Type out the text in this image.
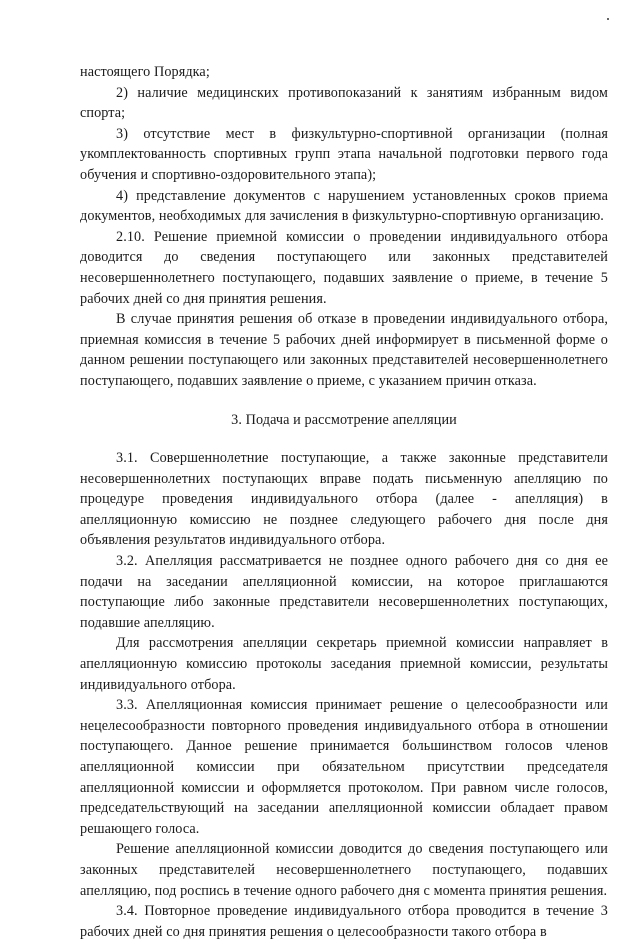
настоящего Порядка;

2) наличие медицинских противопоказаний к занятиям избранным видом спорта;

3) отсутствие мест в физкультурно-спортивной организации (полная укомплектованность спортивных групп этапа начальной подготовки первого года обучения и спортивно-оздоровительного этапа);

4) представление документов с нарушением установленных сроков приема документов, необходимых для зачисления в физкультурно-спортивную организацию.

2.10. Решение приемной комиссии о проведении индивидуального отбора доводится до сведения поступающего или законных представителей несовершеннолетнего поступающего, подавших заявление о приеме, в течение 5 рабочих дней со дня принятия решения.

В случае принятия решения об отказе в проведении индивидуального отбора, приемная комиссия в течение 5 рабочих дней информирует в письменной форме о данном решении поступающего или законных представителей несовершеннолетнего поступающего, подавших заявление о приеме, с указанием причин отказа.

3. Подача и рассмотрение апелляции

3.1. Совершеннолетние поступающие, а также законные представители несовершеннолетних поступающих вправе подать письменную апелляцию по процедуре проведения индивидуального отбора (далее - апелляция) в апелляционную комиссию не позднее следующего рабочего дня после дня объявления результатов индивидуального отбора.

3.2. Апелляция рассматривается не позднее одного рабочего дня со дня ее подачи на заседании апелляционной комиссии, на которое приглашаются поступающие либо законные представители несовершеннолетних поступающих, подавшие апелляцию.

Для рассмотрения апелляции секретарь приемной комиссии направляет в апелляционную комиссию протоколы заседания приемной комиссии, результаты индивидуального отбора.

3.3. Апелляционная комиссия принимает решение о целесообразности или нецелесообразности повторного проведения индивидуального отбора в отношении поступающего. Данное решение принимается большинством голосов членов апелляционной комиссии при обязательном присутствии председателя апелляционной комиссии и оформляется протоколом. При равном числе голосов, председательствующий на заседании апелляционной комиссии обладает правом решающего голоса.

Решение апелляционной комиссии доводится до сведения поступающего или законных представителей несовершеннолетнего поступающего, подавших апелляцию, под роспись в течение одного рабочего дня с момента принятия решения.

3.4. Повторное проведение индивидуального отбора проводится в течение 3 рабочих дней со дня принятия решения о целесообразности такого отбора в
